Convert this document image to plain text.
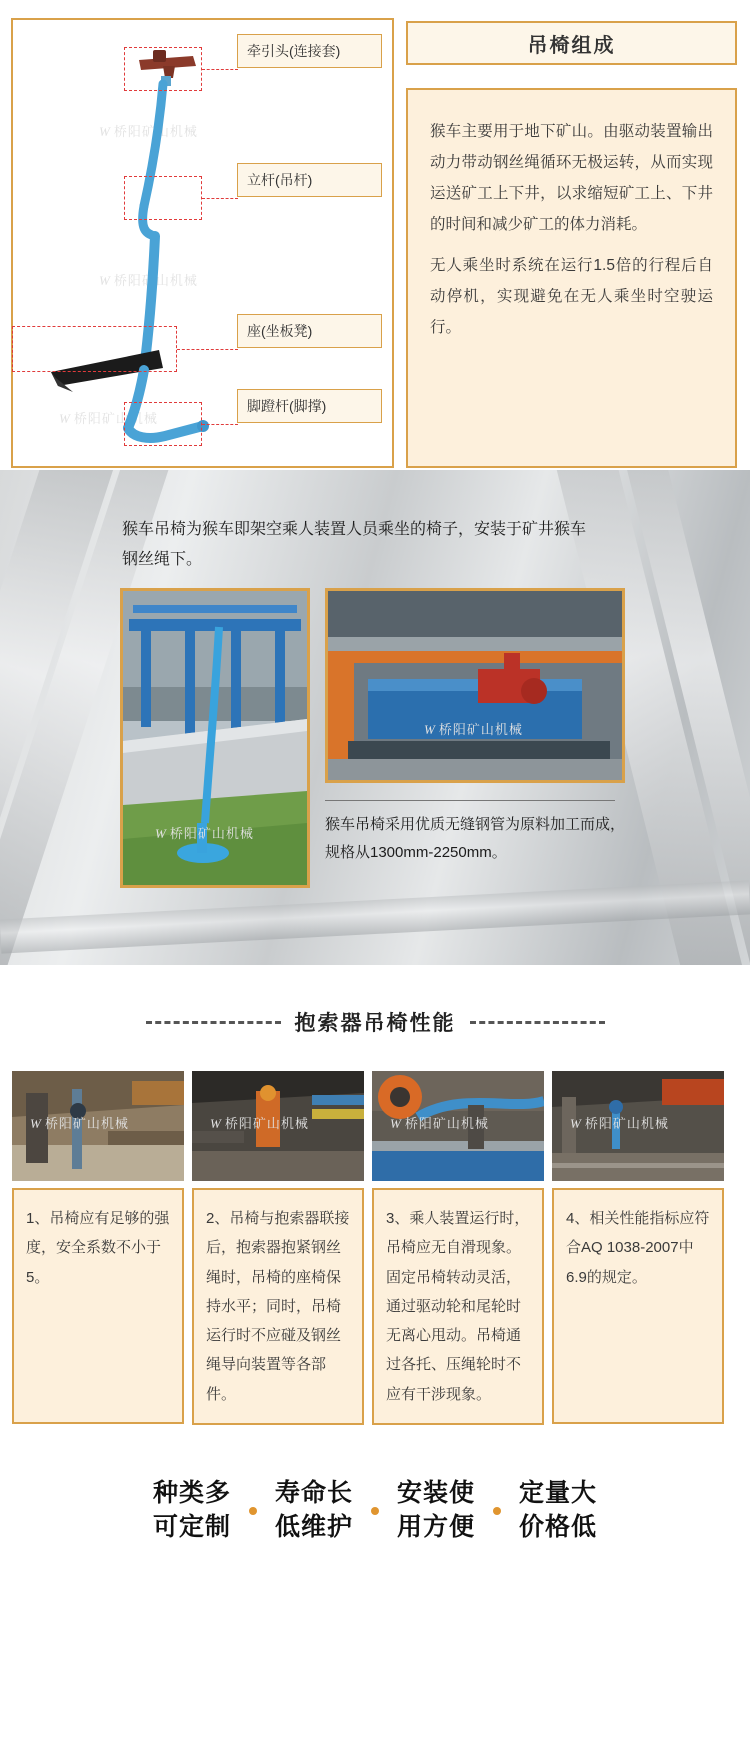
W 桥阳矿山机械
W 桥阳矿山机械
W 桥阳矿山机械
牵引头(连接套)
立杆(吊杆)
座(坐板凳)
脚蹬杆(脚撑)
吊椅组成

猴车主要用于地下矿山。由驱动装置输出动力带动钢丝绳循环无极运转，从而实现运送矿工上下井，以求缩短矿工上、下井的时间和减少矿工的体力消耗。

无人乘坐时系统在运行1.5倍的行程后自动停机，实现避免在无人乘坐时空驶运行。

猴车吊椅为猴车即架空乘人装置人员乘坐的椅子，安装于矿井猴车钢丝绳下。
W 桥阳矿山机械
W 桥阳矿山机械
猴车吊椅采用优质无缝钢管为原料加工而成，规格从1300mm-2250mm。
抱索器吊椅性能
W 桥阳矿山机械
1、吊椅应有足够的强度，安全系数不小于5。
W 桥阳矿山机械
2、吊椅与抱索器联接后，抱索器抱紧钢丝绳时，吊椅的座椅保持水平；同时，吊椅运行时不应碰及钢丝绳导向装置等各部件。
W 桥阳矿山机械
3、乘人装置运行时，吊椅应无自滑现象。固定吊椅转动灵活，通过驱动轮和尾轮时无离心甩动。吊椅通过各托、压绳轮时不应有干涉现象。
W 桥阳矿山机械
4、相关性能指标应符合AQ 1038-2007中6.9的规定。
种类多
可定制
寿命长
低维护
安装使
用方便
定量大
价格低
